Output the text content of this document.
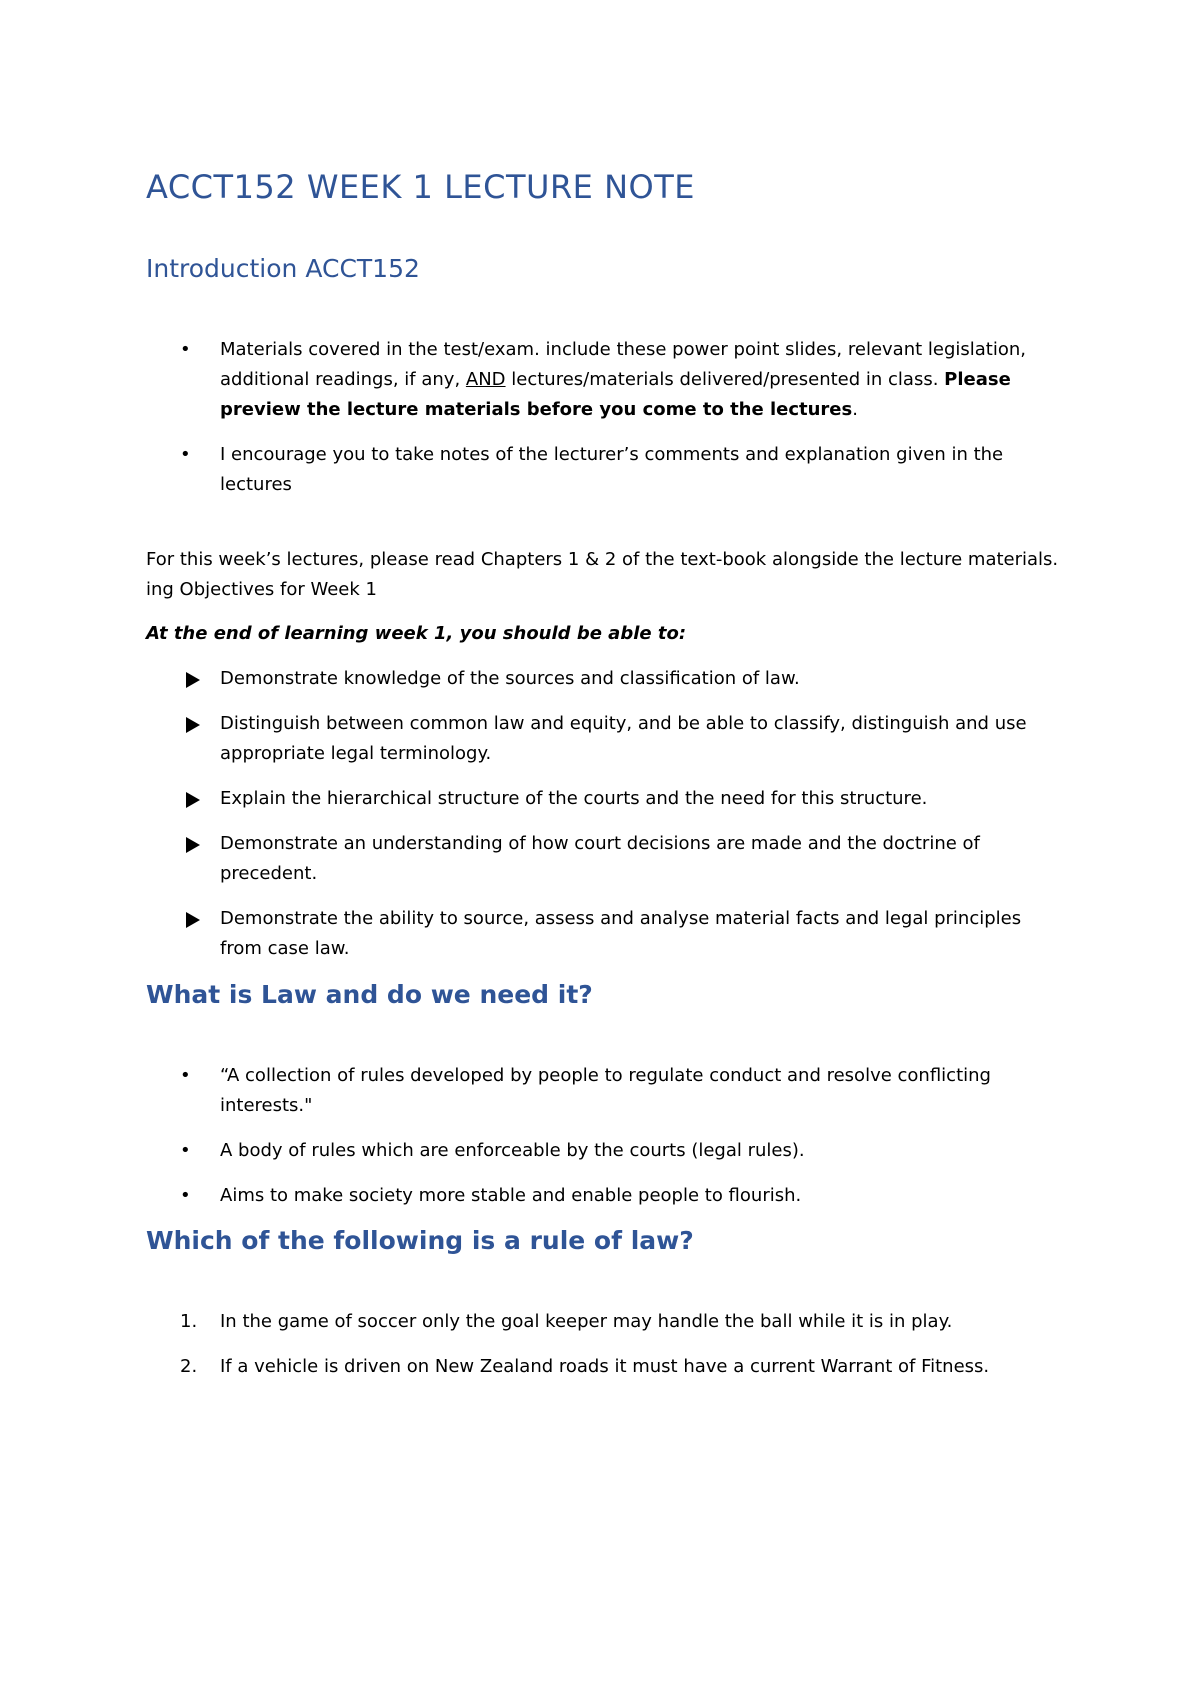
ACCT152 WEEK 1 LECTURE NOTE
Introduction ACCT152
• Materials covered in the test/exam. include these power point slides, relevant legislation, additional readings, if any, AND lectures/materials delivered/presented in class. Please preview the lecture materials before you come to the lectures.
• I encourage you to take notes of the lecturer’s comments and explanation given in the lectures

For this week’s lectures, please read Chapters 1 & 2 of the text-book alongside the lecture materials.

ing Objectives for Week 1

At the end of learning week 1, you should be able to:

Demonstrate knowledge of the sources and classification of law.
Distinguish between common law and equity, and be able to classify, distinguish and use appropriate legal terminology.
Explain the hierarchical structure of the courts and the need for this structure.
Demonstrate an understanding of how court decisions are made and the doctrine of precedent.
Demonstrate the ability to source, assess and analyse material facts and legal principles from case law.
What is Law and do we need it?
• “A collection of rules developed by people to regulate conduct and resolve conflicting interests."
• A body of rules which are enforceable by the courts (legal rules).
• Aims to make society more stable and enable people to flourish.
Which of the following is a rule of law?
1. In the game of soccer only the goal keeper may handle the ball while it is in play.
2. If a vehicle is driven on New Zealand roads it must have a current Warrant of Fitness.
